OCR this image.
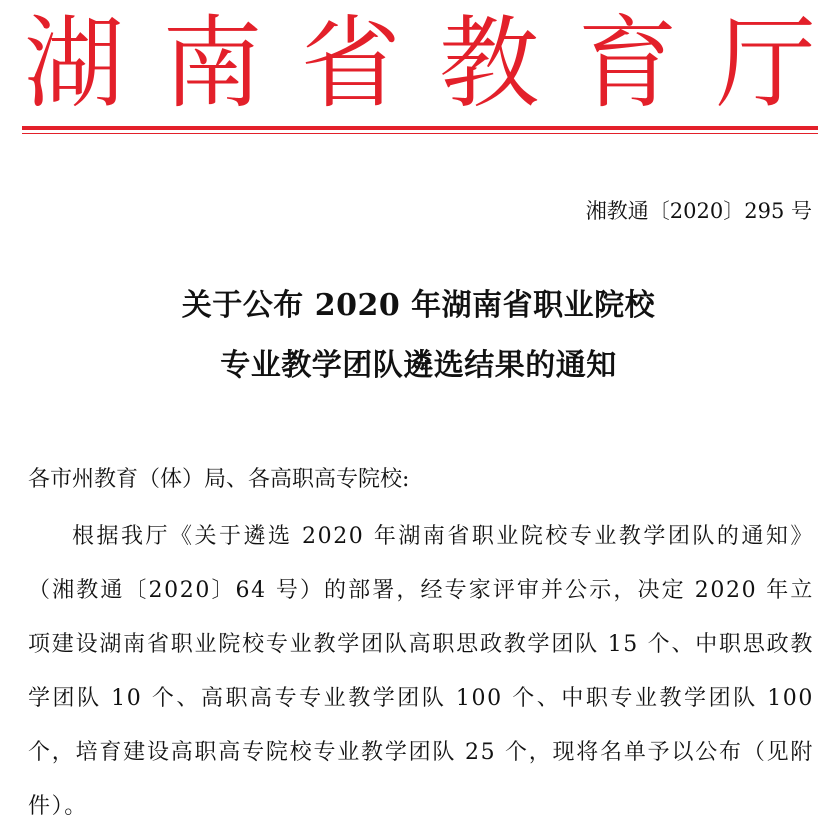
湖 南 省 教 育 厅
湘教通〔2020〕295 号
关于公布 2020 年湖南省职业院校
专业教学团队遴选结果的通知
各市州教育（体）局、各高职高专院校:
根据我厅《关于遴选 2020 年湖南省职业院校专业教学团队的通知》（湘教通〔2020〕64 号）的部署，经专家评审并公示，决定 2020 年立项建设湖南省职业院校专业教学团队高职思政教学团队 15 个、中职思政教学团队 10 个、高职高专专业教学团队 100 个、中职专业教学团队 100 个，培育建设高职高专院校专业教学团队 25 个，现将名单予以公布（见附件）。
